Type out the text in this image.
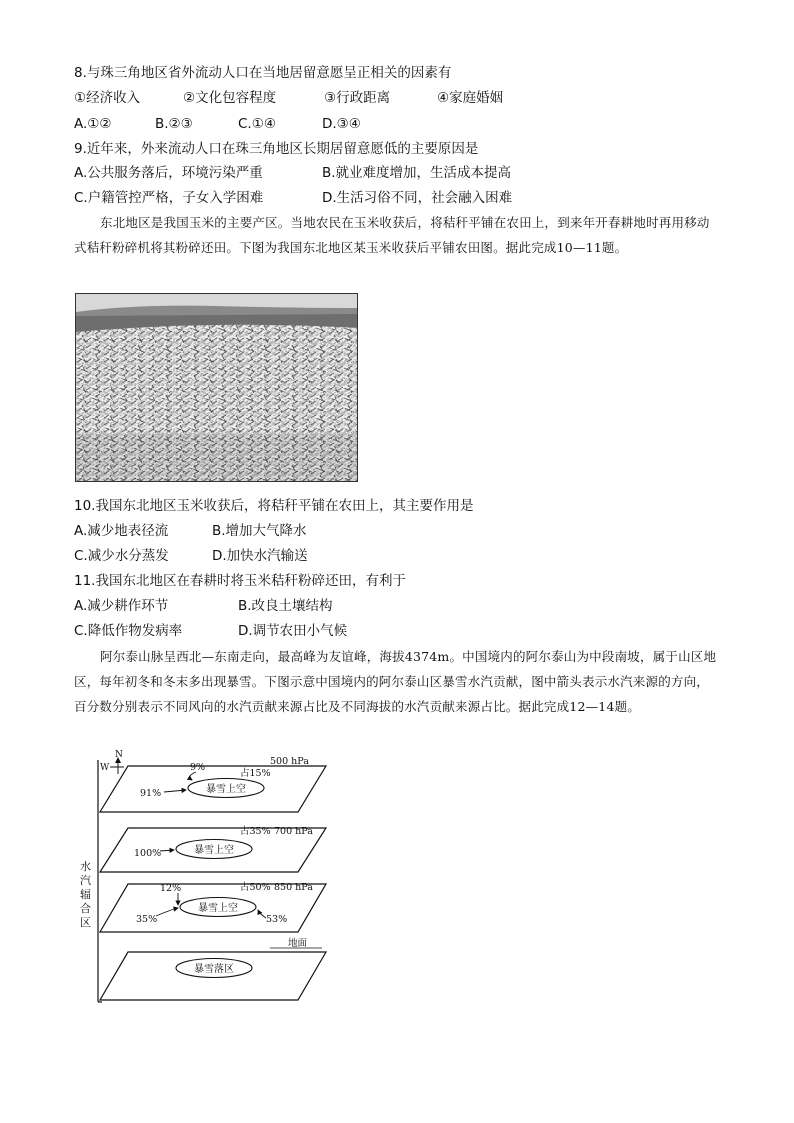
8.与珠三角地区省外流动人口在当地居留意愿呈正相关的因素有
①经济收入	②文化包容程度	③行政距离	④家庭婚姻
A.①②	B.②③	C.①④	D.③④
9.近年来，外来流动人口在珠三角地区长期居留意愿低的主要原因是
A.公共服务落后，环境污染严重	B.就业难度增加，生活成本提高
C.户籍管控严格，子女入学困难	D.生活习俗不同，社会融入困难

东北地区是我国玉米的主要产区。当地农民在玉米收获后，将秸秆平铺在农田上，到来年开春耕地时再用移动式秸秆粉碎机将其粉碎还田。下图为我国东北地区某玉米收获后平铺农田图。据此完成10—11题。

10.我国东北地区玉米收获后，将秸秆平铺在农田上，其主要作用是
A.减少地表径流	B.增加大气降水
C.减少水分蒸发	D.加快水汽输送
11.我国东北地区在春耕时将玉米秸秆粉碎还田，有利于
A.减少耕作环节	B.改良土壤结构
C.降低作物发病率	D.调节农田小气候

阿尔泰山脉呈西北—东南走向，最高峰为友谊峰，海拔4374m。中国境内的阿尔泰山为中段南坡，属于山区地区，每年初冬和冬末多出现暴雪。下图示意中国境内的阿尔泰山区暴雪水汽贡献，图中箭头表示水汽来源的方向，百分数分别表示不同风向的水汽贡献来源占比及不同海拔的水汽贡献来源占比。据此完成12—14题。

N
W
水
汽
辐
合
区
500 hPa
占15%
暴雪上空
9%
91%
占35% 700 hPa
暴雪上空
100%
占50% 850 hPa
暴雪上空
12%
35%	53%
地面
暴雪落区
